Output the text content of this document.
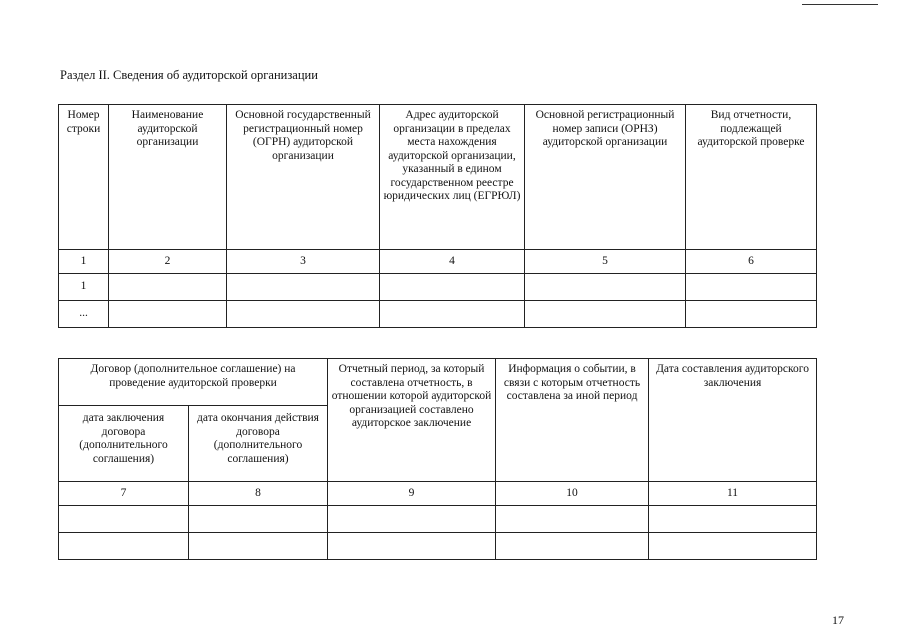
Раздел II. Сведения об аудиторской организации
Номер строки	Наименование аудиторской организации	Основной государственный регистрационный номер (ОГРН) аудиторской организации	Адрес аудиторской организации в пределах места нахождения аудиторской организации, указанный в едином государственном реестре юридических лиц (ЕГРЮЛ)	Основной регистрационный номер записи (ОРНЗ) аудиторской организации	Вид отчетности, подлежащей аудиторской проверке
1	2	3	4	5	6
1					
...					
Договор (дополнительное соглашение) на проведение аудиторской проверки		Отчетный период, за который составлена отчетность, в отношении которой аудиторской организацией составлено аудиторское заключение	Информация о событии, в связи с которым отчетность составлена за иной период	Дата составления аудиторского заключения
дата заключения договора (дополнительного соглашения)	дата окончания действия договора (дополнительного соглашения)			
7	8	9	10	11

17
